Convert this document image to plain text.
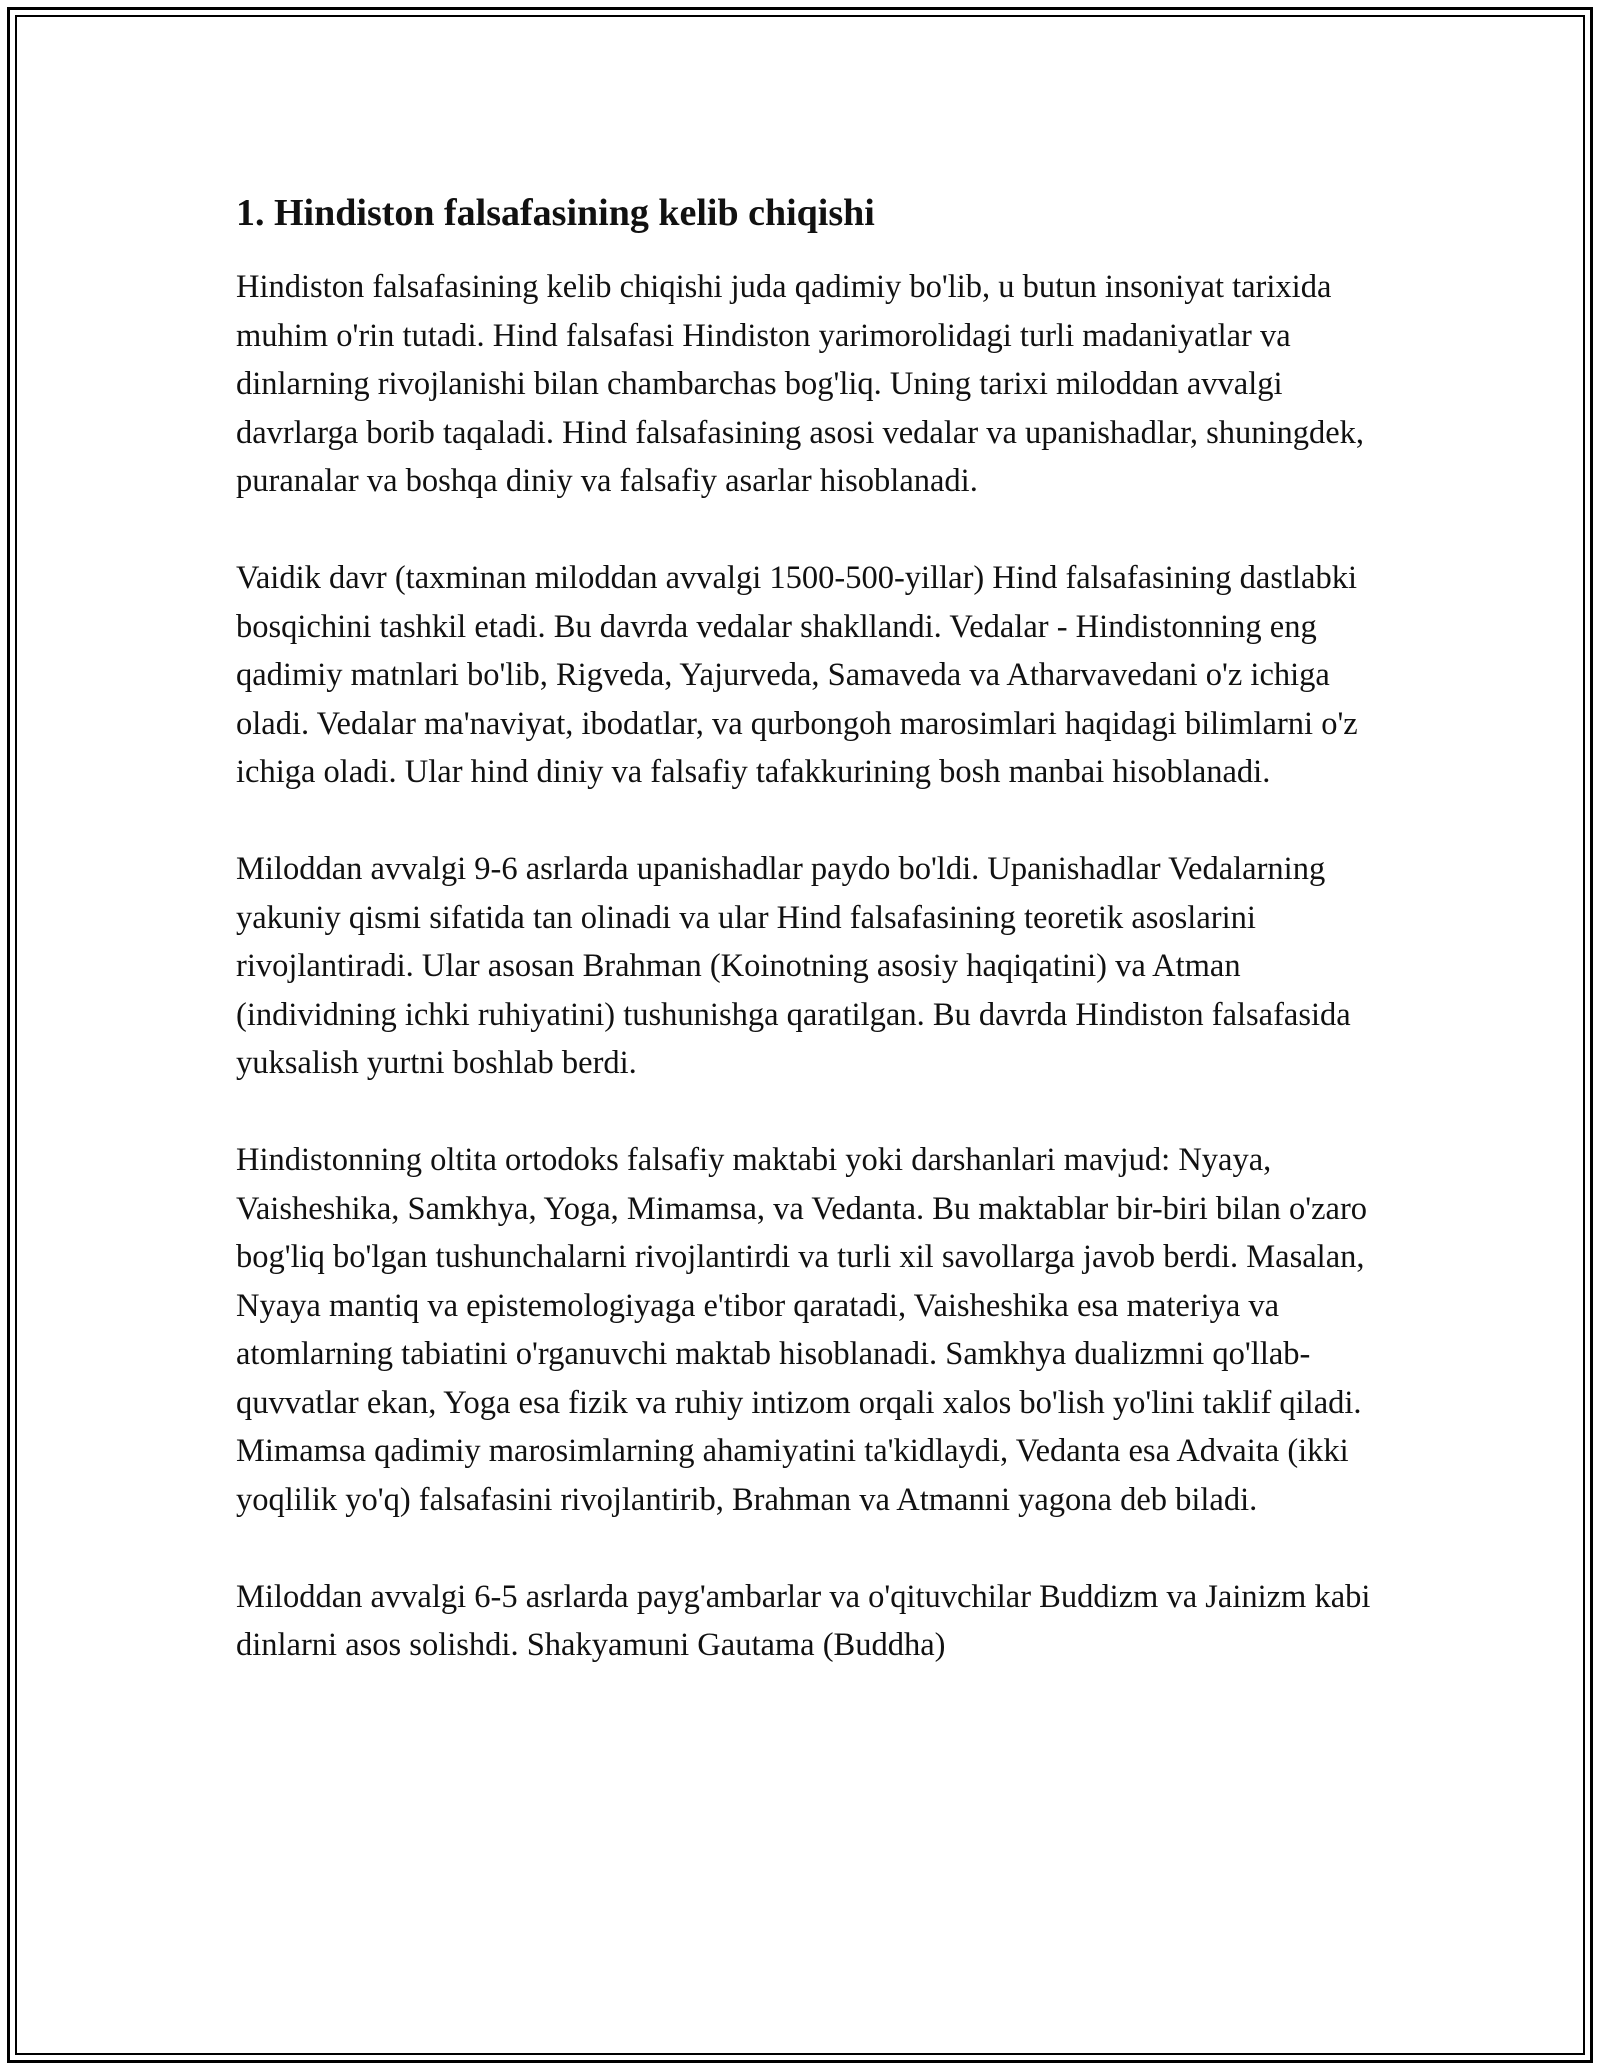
1. Hindiston falsafasining kelib chiqishi

Hindiston falsafasining kelib chiqishi juda qadimiy bo'lib, u butun insoniyat tarixida muhim o'rin tutadi. Hind falsafasi Hindiston yarimorolidagi turli madaniyatlar va dinlarning rivojlanishi bilan chambarchas bog'liq. Uning tarixi miloddan avvalgi davrlarga borib taqaladi. Hind falsafasining asosi vedalar va upanishadlar, shuningdek, puranalar va boshqa diniy va falsafiy asarlar hisoblanadi.

Vaidik davr (taxminan miloddan avvalgi 1500-500-yillar) Hind falsafasining dastlabki bosqichini tashkil etadi. Bu davrda vedalar shakllandi. Vedalar - Hindistonning eng qadimiy matnlari bo'lib, Rigveda, Yajurveda, Samaveda va Atharvavedani o'z ichiga oladi. Vedalar ma'naviyat, ibodatlar, va qurbongoh marosimlari haqidagi bilimlarni o'z ichiga oladi. Ular hind diniy va falsafiy tafakkurining bosh manbai hisoblanadi.

Miloddan avvalgi 9-6 asrlarda upanishadlar paydo bo'ldi. Upanishadlar Vedalarning yakuniy qismi sifatida tan olinadi va ular Hind falsafasining teoretik asoslarini rivojlantiradi. Ular asosan Brahman (Koinotning asosiy haqiqatini) va Atman (individning ichki ruhiyatini) tushunishga qaratilgan. Bu davrda Hindiston falsafasida yuksalish yurtni boshlab berdi.

Hindistonning oltita ortodoks falsafiy maktabi yoki darshanlari mavjud: Nyaya, Vaisheshika, Samkhya, Yoga, Mimamsa, va Vedanta. Bu maktablar bir-biri bilan o'zaro bog'liq bo'lgan tushunchalarni rivojlantirdi va turli xil savollarga javob berdi. Masalan, Nyaya mantiq va epistemologiyaga e'tibor qaratadi, Vaisheshika esa materiya va atomlarning tabiatini o'rganuvchi maktab hisoblanadi. Samkhya dualizmni qo'llab-quvvatlar ekan, Yoga esa fizik va ruhiy intizom orqali xalos bo'lish yo'lini taklif qiladi. Mimamsa qadimiy marosimlarning ahamiyatini ta'kidlaydi, Vedanta esa Advaita (ikki yoqlilik yo'q) falsafasini rivojlantirib, Brahman va Atmanni yagona deb biladi.

Miloddan avvalgi 6-5 asrlarda payg'ambarlar va o'qituvchilar Buddizm va Jainizm kabi dinlarni asos solishdi. Shakyamuni Gautama (Buddha)
